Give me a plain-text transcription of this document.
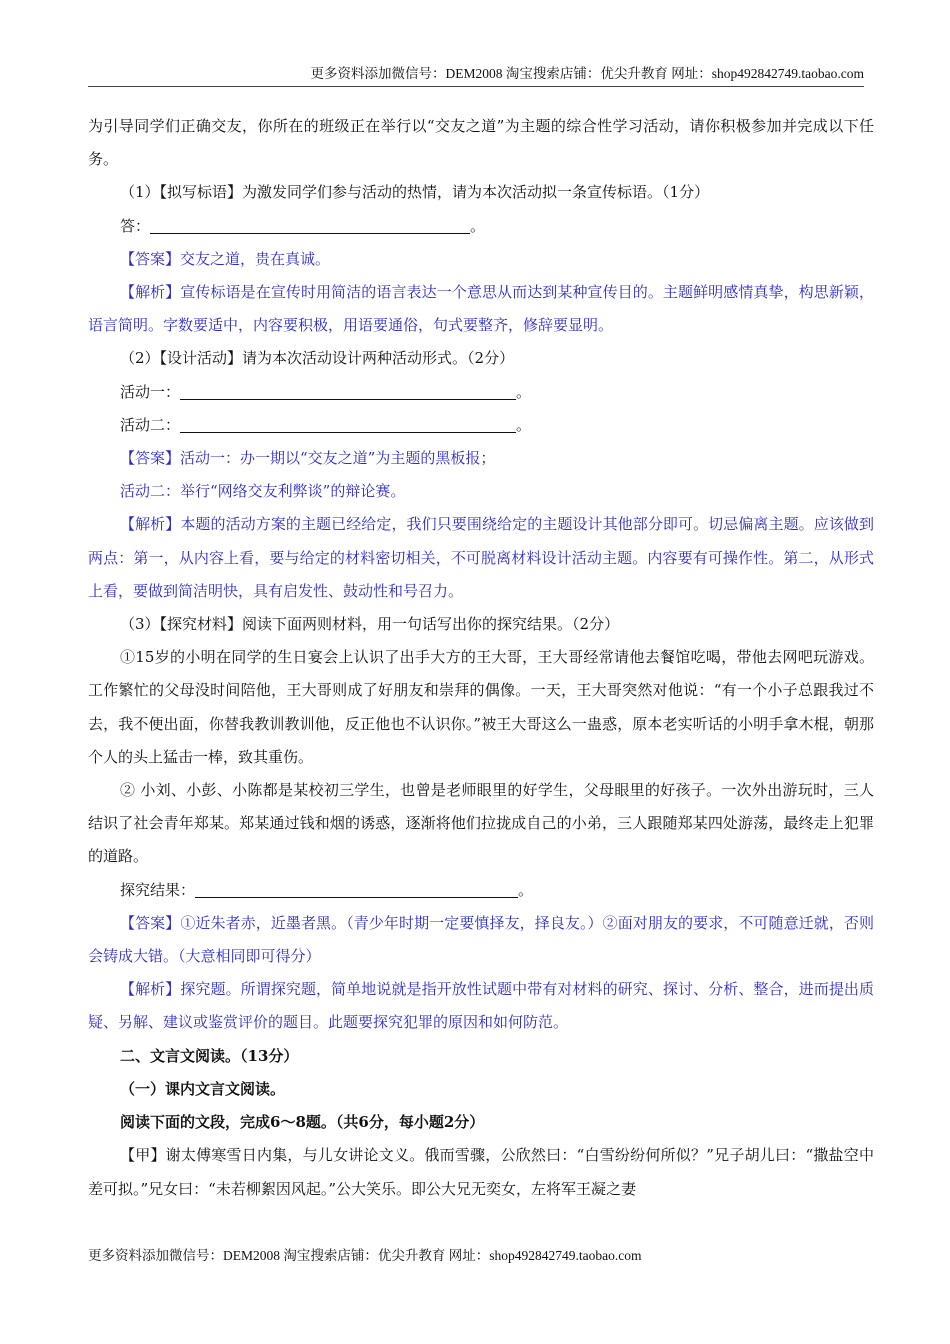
更多资料添加微信号：DEM2008 淘宝搜索店铺：优尖升教育 网址：shop492842749.taobao.com
为引导同学们正确交友，你所在的班级正在举行以“交友之道”为主题的综合性学习活动，请你积极参加并完成以下任务。
（1）【拟写标语】为激发同学们参与活动的热情，请为本次活动拟一条宣传标语。（1分）
答：	。
【答案】交友之道，贵在真诚。
【解析】宣传标语是在宣传时用简洁的语言表达一个意思从而达到某种宣传目的。主题鲜明感情真挚，构思新颖，语言简明。字数要适中，内容要积极，用语要通俗，句式要整齐，修辞要显明。
（2）【设计活动】请为本次活动设计两种活动形式。（2分）
活动一：	。
活动二：	。
【答案】活动一：办一期以“交友之道”为主题的黑板报；
活动二：举行“网络交友利弊谈”的辩论赛。
【解析】本题的活动方案的主题已经给定，我们只要围绕给定的主题设计其他部分即可。切忌偏离主题。应该做到两点：第一，从内容上看，要与给定的材料密切相关，不可脱离材料设计活动主题。内容要有可操作性。第二，从形式上看，要做到简洁明快，具有启发性、鼓动性和号召力。
（3）【探究材料】阅读下面两则材料，用一句话写出你的探究结果。（2分）
①15岁的小明在同学的生日宴会上认识了出手大方的王大哥，王大哥经常请他去餐馆吃喝，带他去网吧玩游戏。工作繁忙的父母没时间陪他，王大哥则成了好朋友和崇拜的偶像。一天，王大哥突然对他说：“有一个小子总跟我过不去，我不便出面，你替我教训教训他，反正他也不认识你。”被王大哥这么一蛊惑，原本老实听话的小明手拿木棍，朝那个人的头上猛击一棒，致其重伤。
② 小刘、小彭、小陈都是某校初三学生，也曾是老师眼里的好学生，父母眼里的好孩子。一次外出游玩时，三人结识了社会青年郑某。郑某通过钱和烟的诱惑，逐渐将他们拉拢成自己的小弟，三人跟随郑某四处游荡，最终走上犯罪的道路。
探究结果：	。
【答案】①近朱者赤，近墨者黑。（青少年时期一定要慎择友，择良友。）②面对朋友的要求，不可随意迁就，否则会铸成大错。（大意相同即可得分）
【解析】探究题。所谓探究题，简单地说就是指开放性试题中带有对材料的研究、探讨、分析、整合，进而提出质疑、另解、建议或鉴赏评价的题目。此题要探究犯罪的原因和如何防范。
二、文言文阅读。（13分）
（一）课内文言文阅读。
阅读下面的文段，完成6～8题。（共6分，每小题2分）
【甲】谢太傅寒雪日内集，与儿女讲论文义。俄而雪骤，公欣然曰：“白雪纷纷何所似？”兄子胡儿曰：“撒盐空中差可拟。”兄女曰：“未若柳絮因风起。”公大笑乐。即公大兄无奕女，左将军王凝之妻
更多资料添加微信号：DEM2008 淘宝搜索店铺：优尖升教育 网址：shop492842749.taobao.com
